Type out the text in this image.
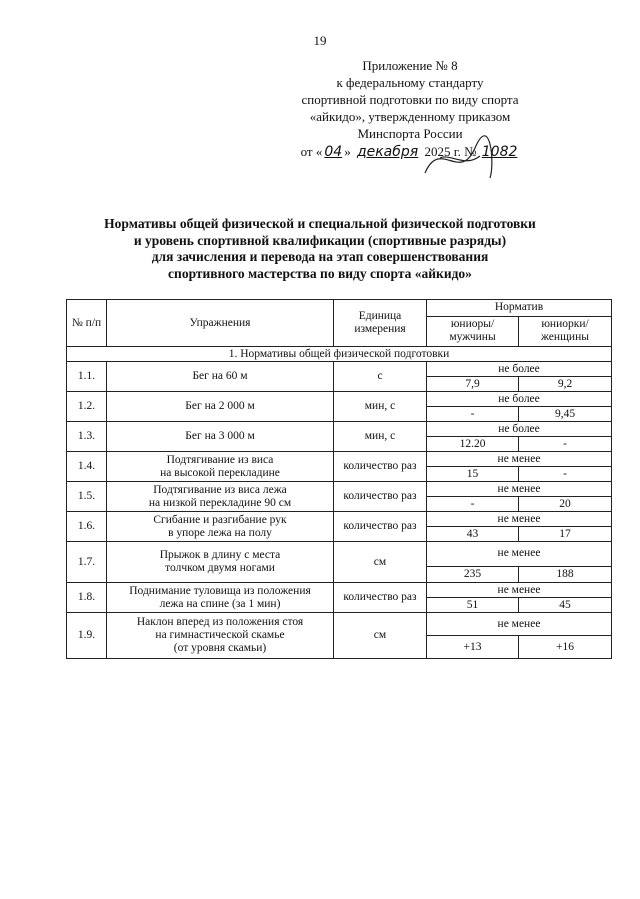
19
Приложение № 8
к федеральному стандарту
спортивной подготовки по виду спорта
«айкидо», утвержденному приказом
Минспорта России
от « 04 » декабря 2025 г. № 1082
Нормативы общей физической и специальной физической подготовки
и уровень спортивной квалификации (спортивные разряды)
для зачисления и перевода на этап совершенствования
спортивного мастерства по виду спорта «айкидо»
№ п/п	Упражнения	Единица измерения	Норматив	
			юниоры/ мужчины	юниорки/ женщины
1. Нормативы общей физической подготовки				
1.1.	Бег на 60 м	с	не более	
			7,9	9,2
1.2.	Бег на 2 000 м	мин, с	не более	
			-	9,45
1.3.	Бег на 3 000 м	мин, с	не более	
			12.20	-
1.4.	Подтягивание из виса
на высокой перекладине	количество раз	не менее	
			15	-
1.5.	Подтягивание из виса лежа
на низкой перекладине 90 см	количество раз	не менее	
			-	20
1.6.	Сгибание и разгибание рук
в упоре лежа на полу	количество раз	не менее	
			43	17
1.7.	Прыжок в длину с места
толчком двумя ногами	см	не менее	
			235	188
1.8.	Поднимание туловища из положения
лежа на спине (за 1 мин)	количество раз	не менее	
			51	45
1.9.	Наклон вперед из положения стоя
на гимнастической скамье
(от уровня скамьи)	см	не менее	
			+13	+16
